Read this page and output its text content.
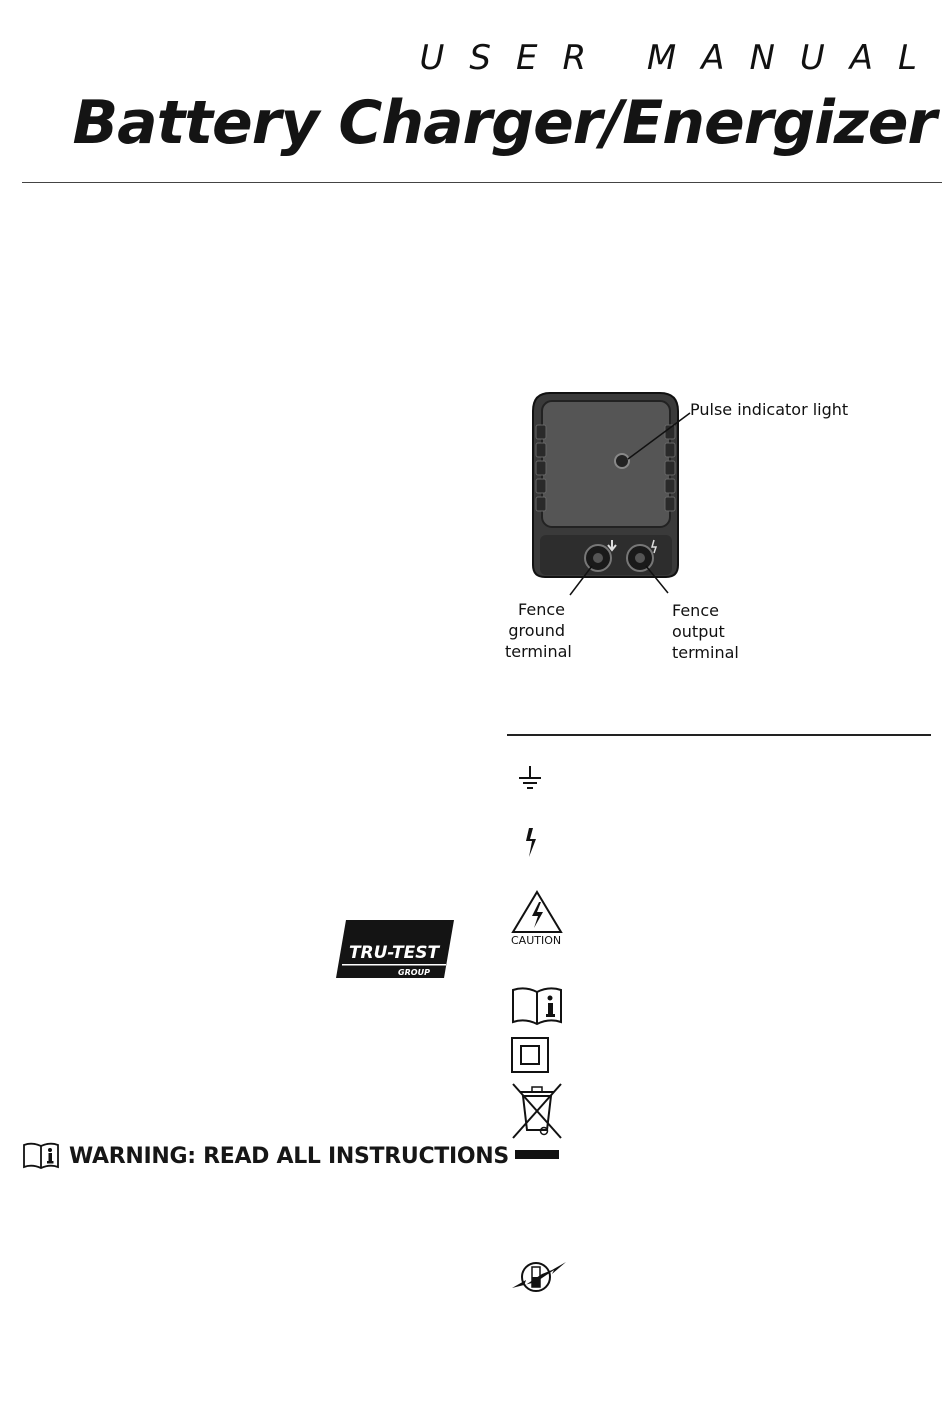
USER MANUAL
Battery Charger/Energizer
Pulse indicator light
Fence
ground
terminal
Fence
output
terminal
CAUTION
TRU-TEST
GROUP
WARNING: READ ALL INSTRUCTIONS
